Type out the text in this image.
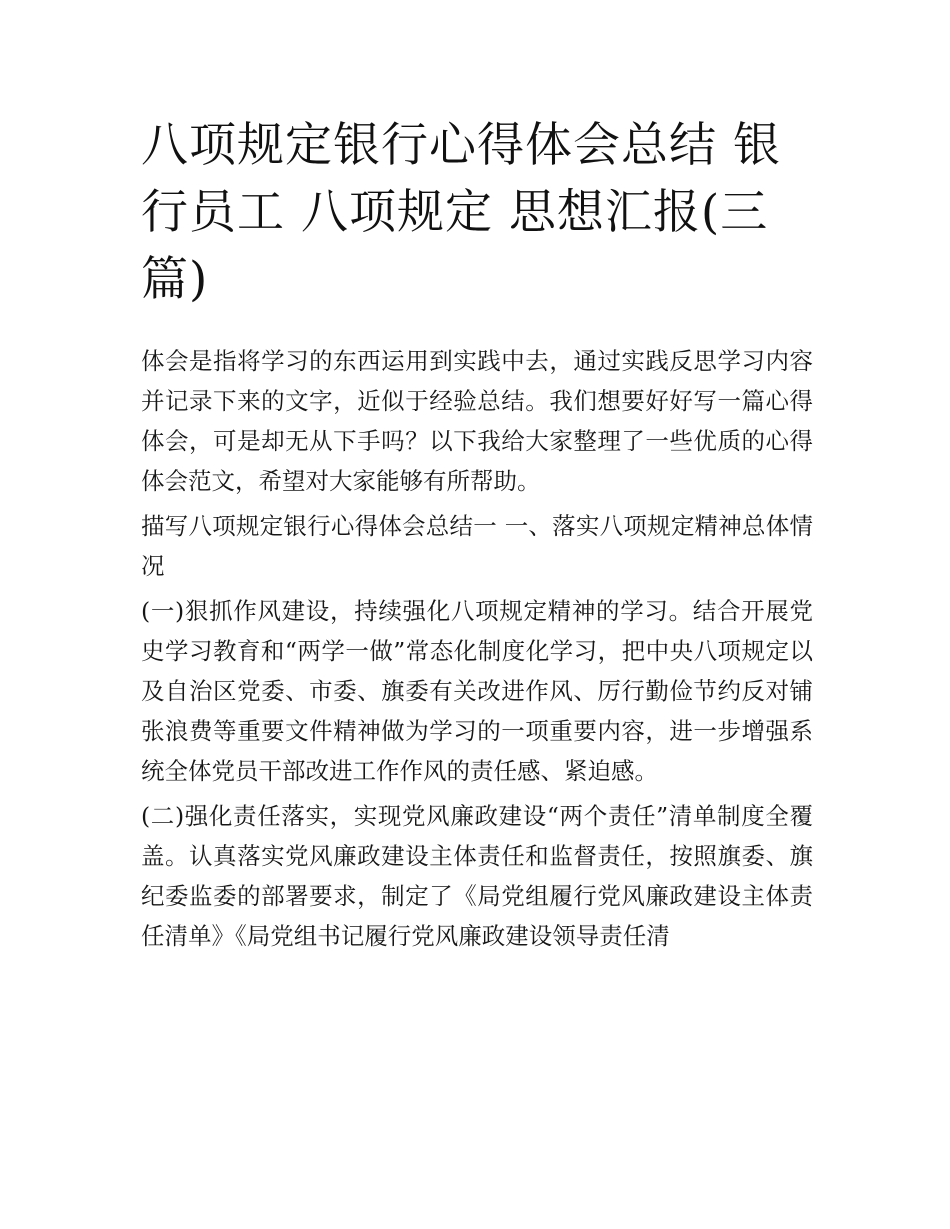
八项规定银行心得体会总结 银行员工 八项规定 思想汇报(三篇)

体会是指将学习的东西运用到实践中去，通过实践反思学习内容并记录下来的文字，近似于经验总结。我们想要好好写一篇心得体会，可是却无从下手吗？以下我给大家整理了一些优质的心得体会范文，希望对大家能够有所帮助。

描写八项规定银行心得体会总结一 一、落实八项规定精神总体情况

(一)狠抓作风建设，持续强化八项规定精神的学习。结合开展党史学习教育和“两学一做”常态化制度化学习，把中央八项规定以及自治区党委、市委、旗委有关改进作风、厉行勤俭节约反对铺张浪费等重要文件精神做为学习的一项重要内容，进一步增强系统全体党员干部改进工作作风的责任感、紧迫感。

(二)强化责任落实，实现党风廉政建设“两个责任”清单制度全覆盖。认真落实党风廉政建设主体责任和监督责任，按照旗委、旗纪委监委的部署要求，制定了《局党组履行党风廉政建设主体责任清单》《局党组书记履行党风廉政建设领导责任清
